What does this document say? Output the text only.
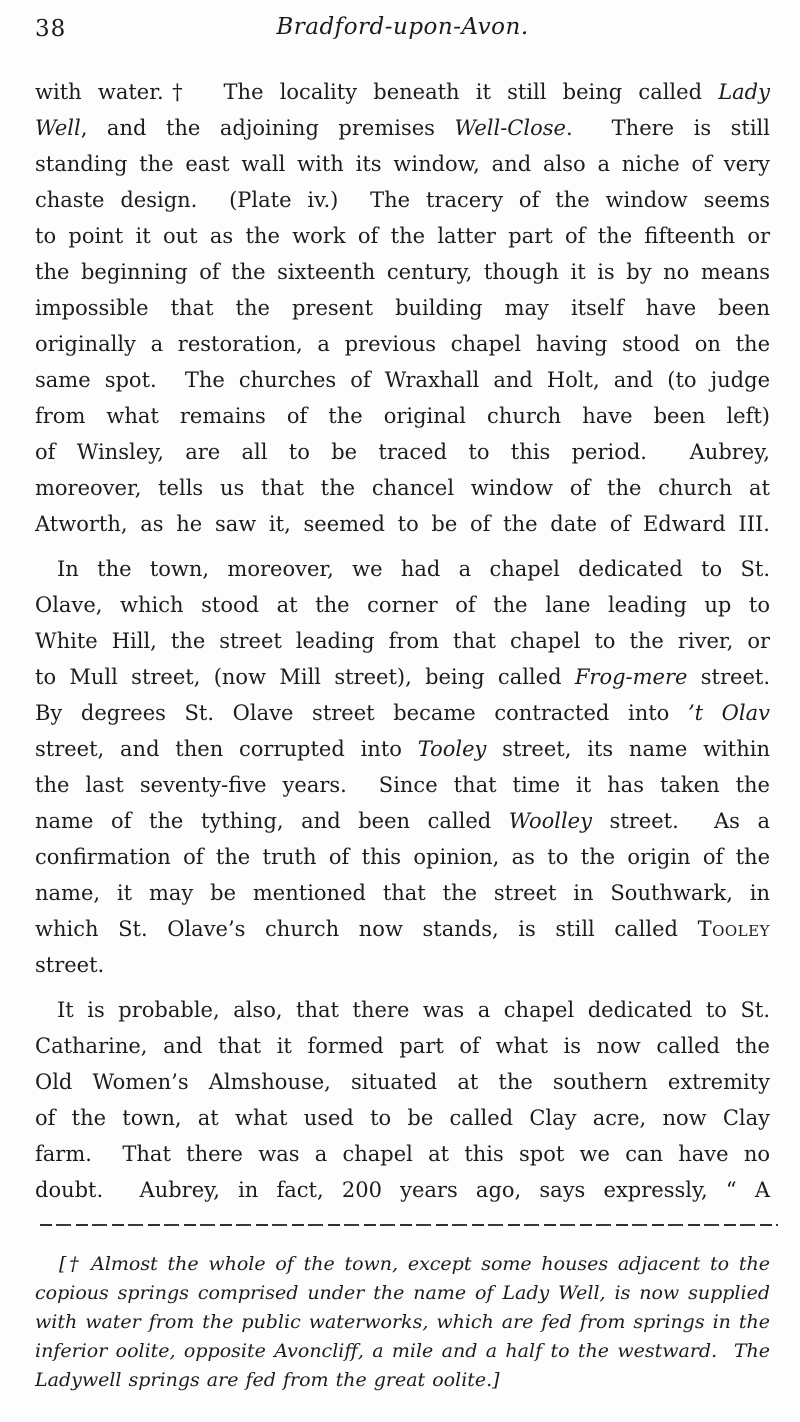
38	Bradford-upon-Avon.
with water.†  The locality beneath it still being called Lady
Well, and the adjoining premises Well-Close.  There is still
standing the east wall with its window, and also a niche of very
chaste design.  (Plate iv.)  The tracery of the window seems
to point it out as the work of the latter part of the fifteenth or
the beginning of the sixteenth century, though it is by no means
impossible that the present building may itself have been
originally a restoration, a previous chapel having stood on the
same spot.  The churches of Wraxhall and Holt, and (to judge
from what remains of the original church have been left)
of Winsley, are all to be traced to this period.  Aubrey,
moreover, tells us that the chancel window of the church at
Atworth, as he saw it, seemed to be of the date of Edward III.
In the town, moreover, we had a chapel dedicated to St.
Olave, which stood at the corner of the lane leading up to
White Hill, the street leading from that chapel to the river, or
to Mull street, (now Mill street), being called Frog-mere street.
By degrees St. Olave street became contracted into ’t Olav
street, and then corrupted into Tooley street, its name within
the last seventy-five years.  Since that time it has taken the
name of the tything, and been called Woolley street.  As a
confirmation of the truth of this opinion, as to the origin of the
name, it may be mentioned that the street in Southwark, in
which St. Olave’s church now stands, is still called Tooley
street.
It is probable, also, that there was a chapel dedicated to St.
Catharine, and that it formed part of what is now called the
Old Women’s Almshouse, situated at the southern extremity
of the town, at what used to be called Clay acre, now Clay
farm.  That there was a chapel at this spot we can have no
doubt.  Aubrey, in fact, 200 years ago, says expressly, “ A
[† Almost the whole of the town, except some houses adjacent to the
copious springs comprised under the name of Lady Well, is now supplied
with water from the public waterworks, which are fed from springs in the
inferior oolite, opposite Avoncliff, a mile and a half to the westward.  The
Ladywell springs are fed from the great oolite.]
